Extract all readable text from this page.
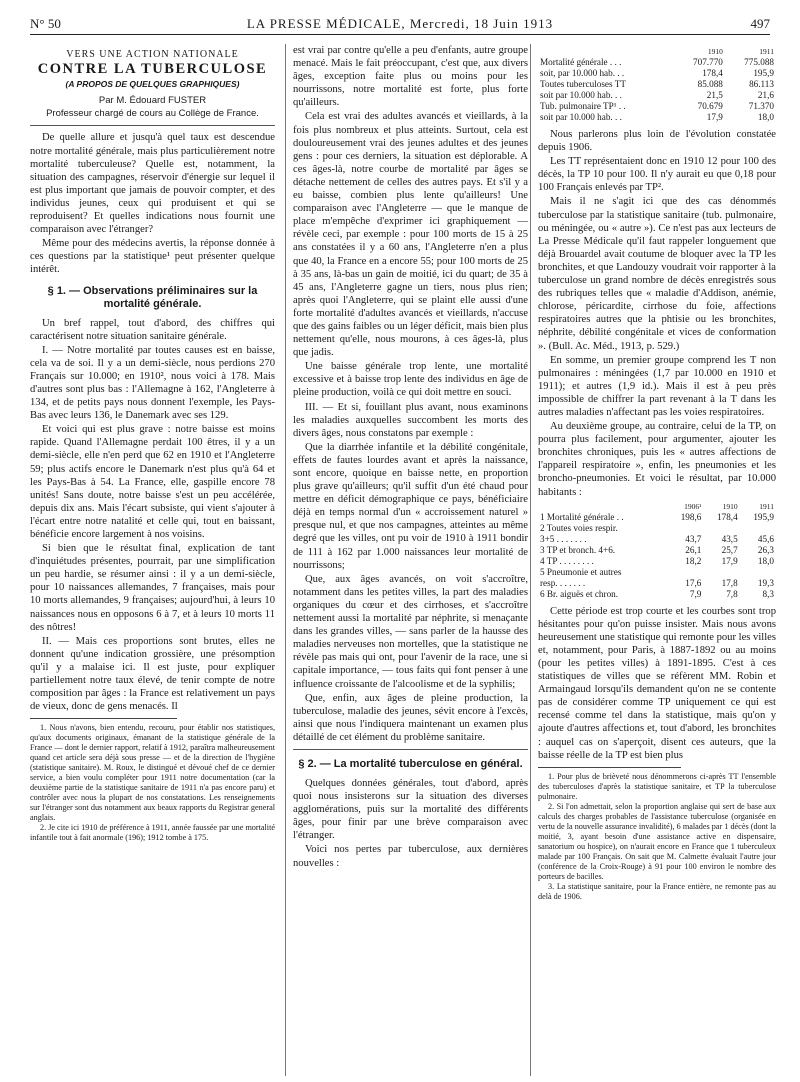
N° 50	LA PRESSE MÉDICALE, Mercredi, 18 Juin 1913	497
VERS UNE ACTION NATIONALE
CONTRE LA TUBERCULOSE
(A PROPOS DE QUELQUES GRAPHIQUES)
Par M. Édouard FUSTER
Professeur chargé de cours au Collège de France.

De quelle allure et jusqu'à quel taux est descendue notre mortalité générale, mais plus particulièrement notre mortalité tuberculeuse? Quelle est, notamment, la situation des campagnes, réservoir d'énergie sur lequel il est plus important que jamais de pouvoir compter, et des individus jeunes, ceux qui produisent et qui se reproduisent? Et quelles indications nous fournit une comparaison avec l'étranger?

Même pour des médecins avertis, la réponse donnée à ces questions par la statistique¹ peut présenter quelque intérêt.

§ 1. — Observations préliminaires sur la mortalité générale.

Un bref rappel, tout d'abord, des chiffres qui caractérisent notre situation sanitaire générale.

I. — Notre mortalité par toutes causes est en baisse, cela va de soi. Il y a un demi-siècle, nous perdions 270 Français sur 10.000; en 1910², nous voici à 178. Mais d'autres sont plus bas : l'Allemagne à 162, l'Angleterre à 134, et de petits pays nous donnent l'exemple, les Pays-Bas avec leurs 136, le Danemark avec ses 129.

Et voici qui est plus grave : notre baisse est moins rapide. Quand l'Allemagne perdait 100 êtres, il y a un demi-siècle, elle n'en perd que 62 en 1910 et l'Angleterre 59; plus actifs encore le Danemark n'est plus qu'à 64 et les Pays-Bas à 54. La France, elle, gaspille encore 78 unités! Sans doute, notre baisse s'est un peu accélérée, depuis dix ans. Mais l'écart subsiste, qui vient s'ajouter à l'écart entre notre natalité et celle qui, tout en baissant, bénéficie encore largement à nos voisins.

Si bien que le résultat final, explication de tant d'inquiétudes présentes, pourrait, par une simplification un peu hardie, se résumer ainsi : il y a un demi-siècle, pour 10 naissances allemandes, 7 françaises, mais pour 10 morts allemandes, 9 françaises; aujourd'hui, à leurs 10 naissances nous en opposons 6 à 7, et à leurs 10 morts 11 des nôtres!

II. — Mais ces proportions sont brutes, elles ne donnent qu'une indication grossière, une présomption qu'il y a malaise ici. Il est juste, pour expliquer partiellement notre taux élevé, de tenir compte de notre composition par âges : la France est relativement un pays de vieux, donc de gens menacés. Il

1. Nous n'avons, bien entendu, recouru, pour établir nos statistiques, qu'aux documents originaux, émanant de la statistique générale de la France — dont le dernier rapport, relatif à 1912, paraîtra malheureusement quand cet article sera déjà sous presse — et de la direction de l'hygiène (statistique sanitaire). M. Roux, le distingué et dévoué chef de ce dernier service, a bien voulu compléter pour 1911 notre documentation (car la deuxième partie de la statistique sanitaire de 1911 n'a pas encore paru) et contrôler avec nous la plupart de nos constatations. Les renseignements sur l'étranger sont dus notamment aux beaux rapports du Registrar general anglais.

2. Je cite ici 1910 de préférence à 1911, année faussée par une mortalité infantile tout à fait anormale (196); 1912 tombe à 175.

est vrai par contre qu'elle a peu d'enfants, autre groupe menacé. Mais le fait préoccupant, c'est que, aux divers âges, exception faite plus ou moins pour les nourrissons, notre mortalité est forte, plus forte qu'ailleurs.

Cela est vrai des adultes avancés et vieillards, à la fois plus nombreux et plus atteints. Surtout, cela est douloureusement vrai des jeunes adultes et des jeunes gens : pour ces derniers, la situation est déplorable. A ces âges-là, notre courbe de mortalité par âges se détache nettement de celles des autres pays. Et s'il y a eu baisse, combien plus lente qu'ailleurs! Une comparaison avec l'Angleterre — que le manque de place m'empêche d'exprimer ici graphiquement — révèle ceci, par exemple : pour 100 morts de 15 à 25 ans constatées il y a 60 ans, l'Angleterre n'en a plus que 40, la France en a encore 55; pour 100 morts de 25 à 35 ans, là-bas un gain de moitié, ici du quart; de 35 à 45 ans, l'Angleterre gagne un tiers, nous plus rien; après quoi l'Angleterre, qui se plaint elle aussi d'une forte mortalité d'adultes avancés et vieillards, n'accuse que des gains faibles ou un léger déficit, mais bien plus nettement qu'elle, nous mourons, à ces âges-là, plus que jadis.

Une baisse générale trop lente, une mortalité excessive et à baisse trop lente des individus en âge de pleine production, voilà ce qui doit mettre en souci.

III. — Et si, fouillant plus avant, nous examinons les maladies auxquelles succombent les morts des divers âges, nous constatons par exemple :

Que la diarrhée infantile et la débilité congénitale, effets de fautes lourdes avant et après la naissance, sont encore, quoique en baisse nette, en proportion plus grave qu'ailleurs; qu'il suffit d'un été chaud pour mettre en déficit démographique ce pays, bénéficiaire déjà en temps normal d'un « accroissement naturel » presque nul, et que nos campagnes, atteintes au même degré que les villes, ont pu voir de 1910 à 1911 bondir de 111 à 162 par 1.000 naissances leur mortalité de nourrissons;

Que, aux âges avancés, on voit s'accroître, notamment dans les petites villes, la part des maladies organiques du cœur et des cirrhoses, et s'accroître nettement aussi la mortalité par néphrite, si menaçante dans les grandes villes, — sans parler de la hausse des maladies nerveuses non mortelles, que la statistique ne révèle pas mais qui ont, pour l'avenir de la race, une si capitale importance, — tous faits qui font penser à une influence croissante de l'alcoolisme et de la syphilis;

Que, enfin, aux âges de pleine production, la tuberculose, maladie des jeunes, sévit encore à l'excès, ainsi que nous l'indiquera maintenant un examen plus détaillé de cet élément du problème sanitaire.

§ 2. — La mortalité tuberculose en général.

Quelques données générales, tout d'abord, après quoi nous insisterons sur la situation des diverses agglomérations, puis sur la mortalité des différents âges, pour finir par une brève comparaison avec l'étranger.

Voici nos pertes par tuberculose, aux dernières nouvelles :

	1910	1911
Mortalité générale . . .	707.770	775.088
soit, par 10.000 hab. . .	178,4	195,9
Toutes tuberculoses TT	85.088	86.113
soit par 10.000 hab. . .	21,5	21,6
Tub. pulmonaire TP¹ . .	70.679	71.370
soit par 10.000 hab. . .	17,9	18,0

Nous parlerons plus loin de l'évolution constatée depuis 1906.

Les TT représentaient donc en 1910 12 pour 100 des décès, la TP 10 pour 100. Il n'y aurait eu que 0,18 pour 100 Français enlevés par TP².

Mais il ne s'agit ici que des cas dénommés tuberculose par la statistique sanitaire (tub. pulmonaire, ou méningée, ou « autre »). Ce n'est pas aux lecteurs de La Presse Médicale qu'il faut rappeler longuement que déjà Brouardel avait coutume de bloquer avec la TP les bronchites, et que Landouzy voudrait voir rapporter à la tuberculose un grand nombre de décès enregistrés sous des rubriques telles que « maladie d'Addison, anémie, chlorose, péricardite, cirrhose du foie, affections respiratoires autres que la phtisie ou les bronchites, néphrite, débilité congénitale et vices de conformation ». (Bull. Ac. Méd., 1913, p. 529.)

En somme, un premier groupe comprend les T non pulmonaires : méningées (1,7 par 10.000 en 1910 et 1911); et autres (1,9 id.). Mais il est à peu près impossible de chiffrer la part revenant à la T dans les autres maladies n'affectant pas les voies respiratoires.

Au deuxième groupe, au contraire, celui de la TP, on pourra plus facilement, pour argumenter, ajouter les bronchites chroniques, puis les « autres affections de l'appareil respiratoire », enfin, les pneumonies et les broncho-pneumonies. Et voici le résultat, par 10.000 habitants :

	1906¹	1910	1911
1 Mortalité générale . .	198,6	178,4	195,9
2 Toutes voies respir.			
3+5 . . . . . . .	43,7	43,5	45,6
3 TP et bronch. 4+6.	26,1	25,7	26,3
4 TP . . . . . . . .	18,2	17,9	18,0
5 Pneumonie et autres			
resp. . . . . . .	17,6	17,8	19,3
6 Br. aiguës et chron.	7,9	7,8	8,3

Cette période est trop courte et les courbes sont trop hésitantes pour qu'on puisse insister. Mais nous avons heureusement une statistique qui remonte pour les villes et, notamment, pour Paris, à 1887-1892 ou au moins (pour les petites villes) à 1891-1895. C'est à ces statistiques de villes que se réfèrent MM. Robin et Armaingaud lorsqu'ils demandent qu'on ne se contente pas de considérer comme TP uniquement ce qui est recensé comme tel dans la statistique, mais qu'on y ajoute d'autres affections et, tout d'abord, les bronchites : auquel cas on s'aperçoit, disent ces auteurs, que la baisse réelle de la TP est bien plus

1. Pour plus de brièveté nous dénommerons ci-après TT l'ensemble des tuberculoses d'après la statistique sanitaire, et TP la tuberculose pulmonaire.

2. Si l'on admettait, selon la proportion anglaise qui sert de base aux calculs des charges probables de l'assistance tuberculose (organisée en vertu de la nouvelle assurance invalidité), 6 malades par 1 décès (dont la moitié, 3, ayant besoin d'une assistance active en dispensaire, sanatorium ou hospice), on n'aurait encore en France que 1 tuberculeux malade par 100 Français. On sait que M. Calmette évaluait l'autre jour (conférence de la Croix-Rouge) à 91 pour 100 environ le nombre des porteurs de bacilles.

3. La statistique sanitaire, pour la France entière, ne remonte pas au delà de 1906.
